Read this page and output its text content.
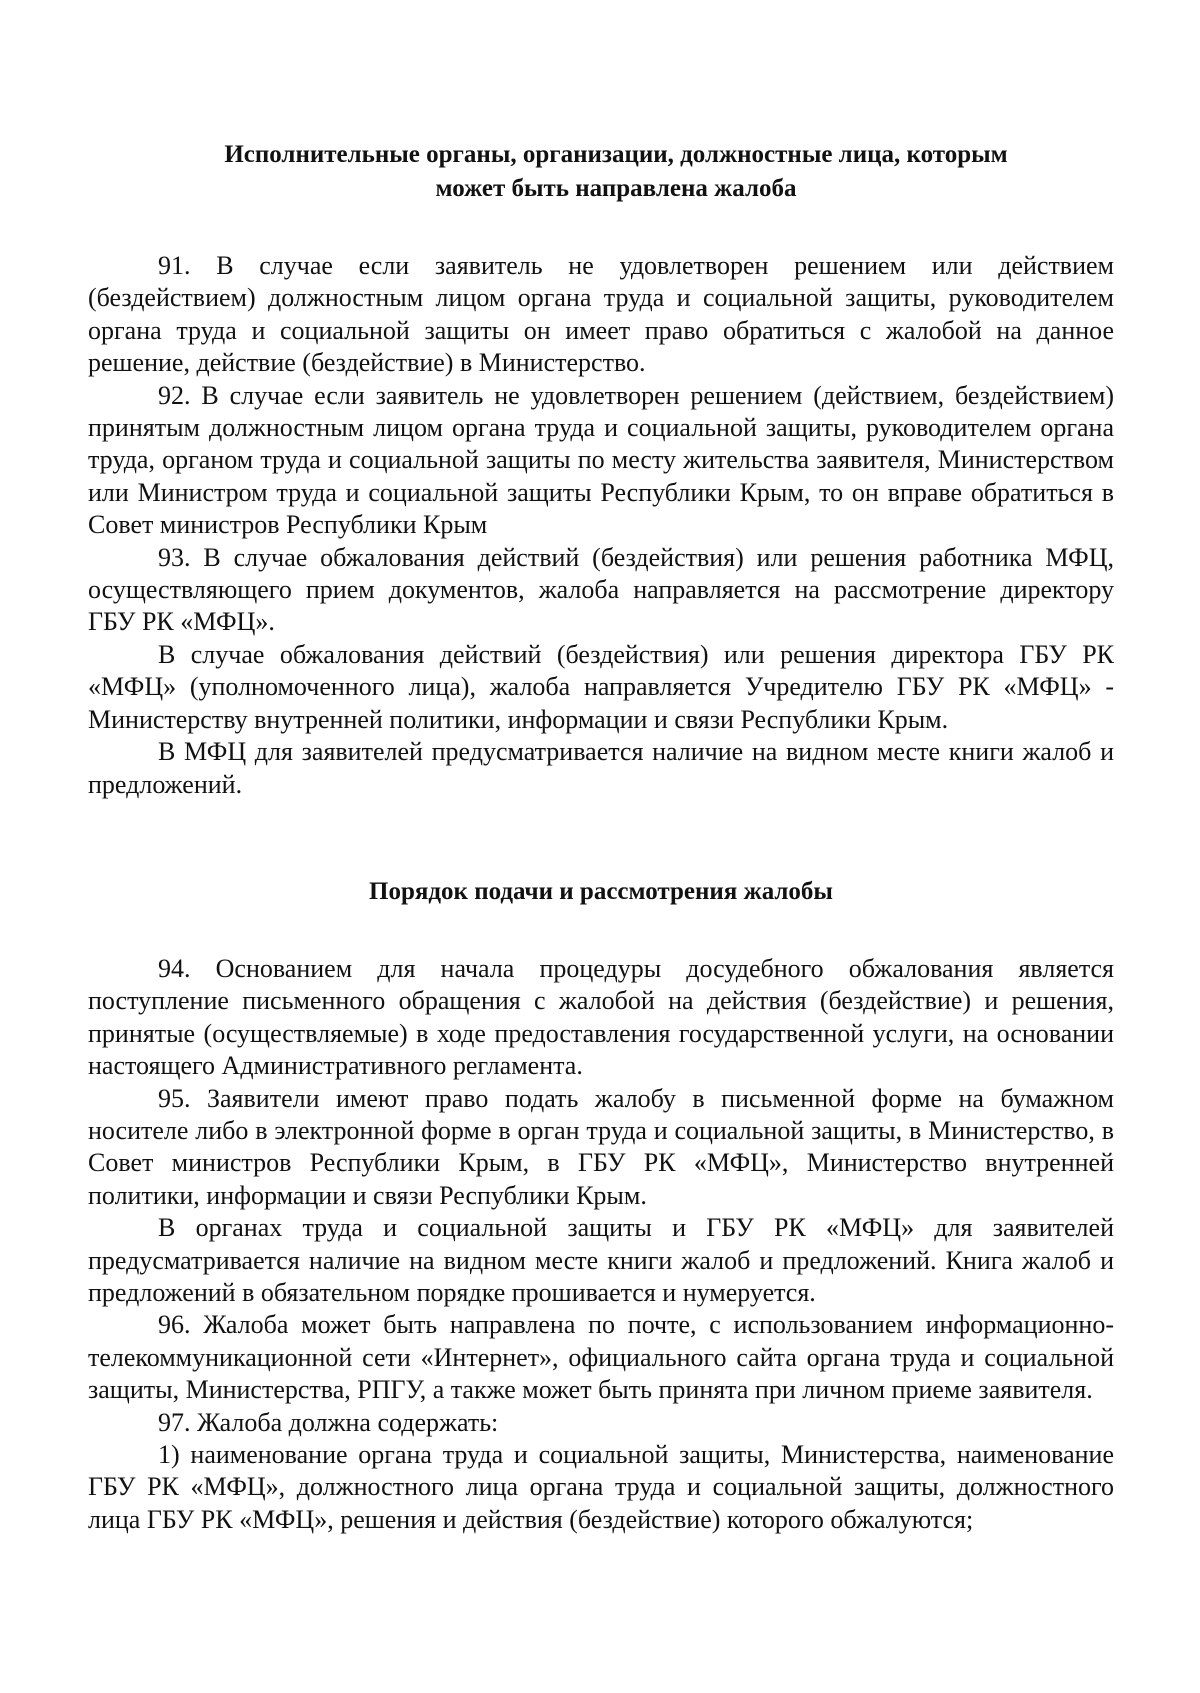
Исполнительные органы, организации, должностные лица, которым
может быть направлена жалоба

91. В случае если заявитель не удовлетворен решением или действием (бездействием) должностным лицом органа труда и социальной защиты, руководителем органа труда и социальной защиты он имеет право обратиться с жалобой на данное решение, действие (бездействие) в Министерство.

92. В случае если заявитель не удовлетворен решением (действием, бездействием) принятым должностным лицом органа труда и социальной защиты, руководителем органа труда, органом труда и социальной защиты по месту жительства заявителя, Министерством или Министром труда и социальной защиты Республики Крым, то он вправе обратиться в Совет министров Республики Крым

93. В случае обжалования действий (бездействия) или решения работника МФЦ, осуществляющего прием документов, жалоба направляется на рассмотрение директору ГБУ РК «МФЦ».

В случае обжалования действий (бездействия) или решения директора ГБУ РК «МФЦ» (уполномоченного лица), жалоба направляется Учредителю ГБУ РК «МФЦ» - Министерству внутренней политики, информации и связи Республики Крым.

В МФЦ для заявителей предусматривается наличие на видном месте книги жалоб и предложений.

Порядок подачи и рассмотрения жалобы

94. Основанием для начала процедуры досудебного обжалования является поступление письменного обращения с жалобой на действия (бездействие) и решения, принятые (осуществляемые) в ходе предоставления государственной услуги, на основании настоящего Административного регламента.

95. Заявители имеют право подать жалобу в письменной форме на бумажном носителе либо в электронной форме в орган труда и социальной защиты, в Министерство, в Совет министров Республики Крым, в ГБУ РК «МФЦ», Министерство внутренней политики, информации и связи Республики Крым.

В органах труда и социальной защиты и ГБУ РК «МФЦ» для заявителей предусматривается наличие на видном месте книги жалоб и предложений. Книга жалоб и предложений в обязательном порядке прошивается и нумеруется.

96. Жалоба может быть направлена по почте, с использованием информационно-телекоммуникационной сети «Интернет», официального сайта органа труда и социальной защиты, Министерства, РПГУ, а также может быть принята при личном приеме заявителя.

97. Жалоба должна содержать:

1) наименование органа труда и социальной защиты, Министерства, наименование ГБУ РК «МФЦ», должностного лица органа труда и социальной защиты, должностного лица ГБУ РК «МФЦ», решения и действия (бездействие) которого обжалуются;
